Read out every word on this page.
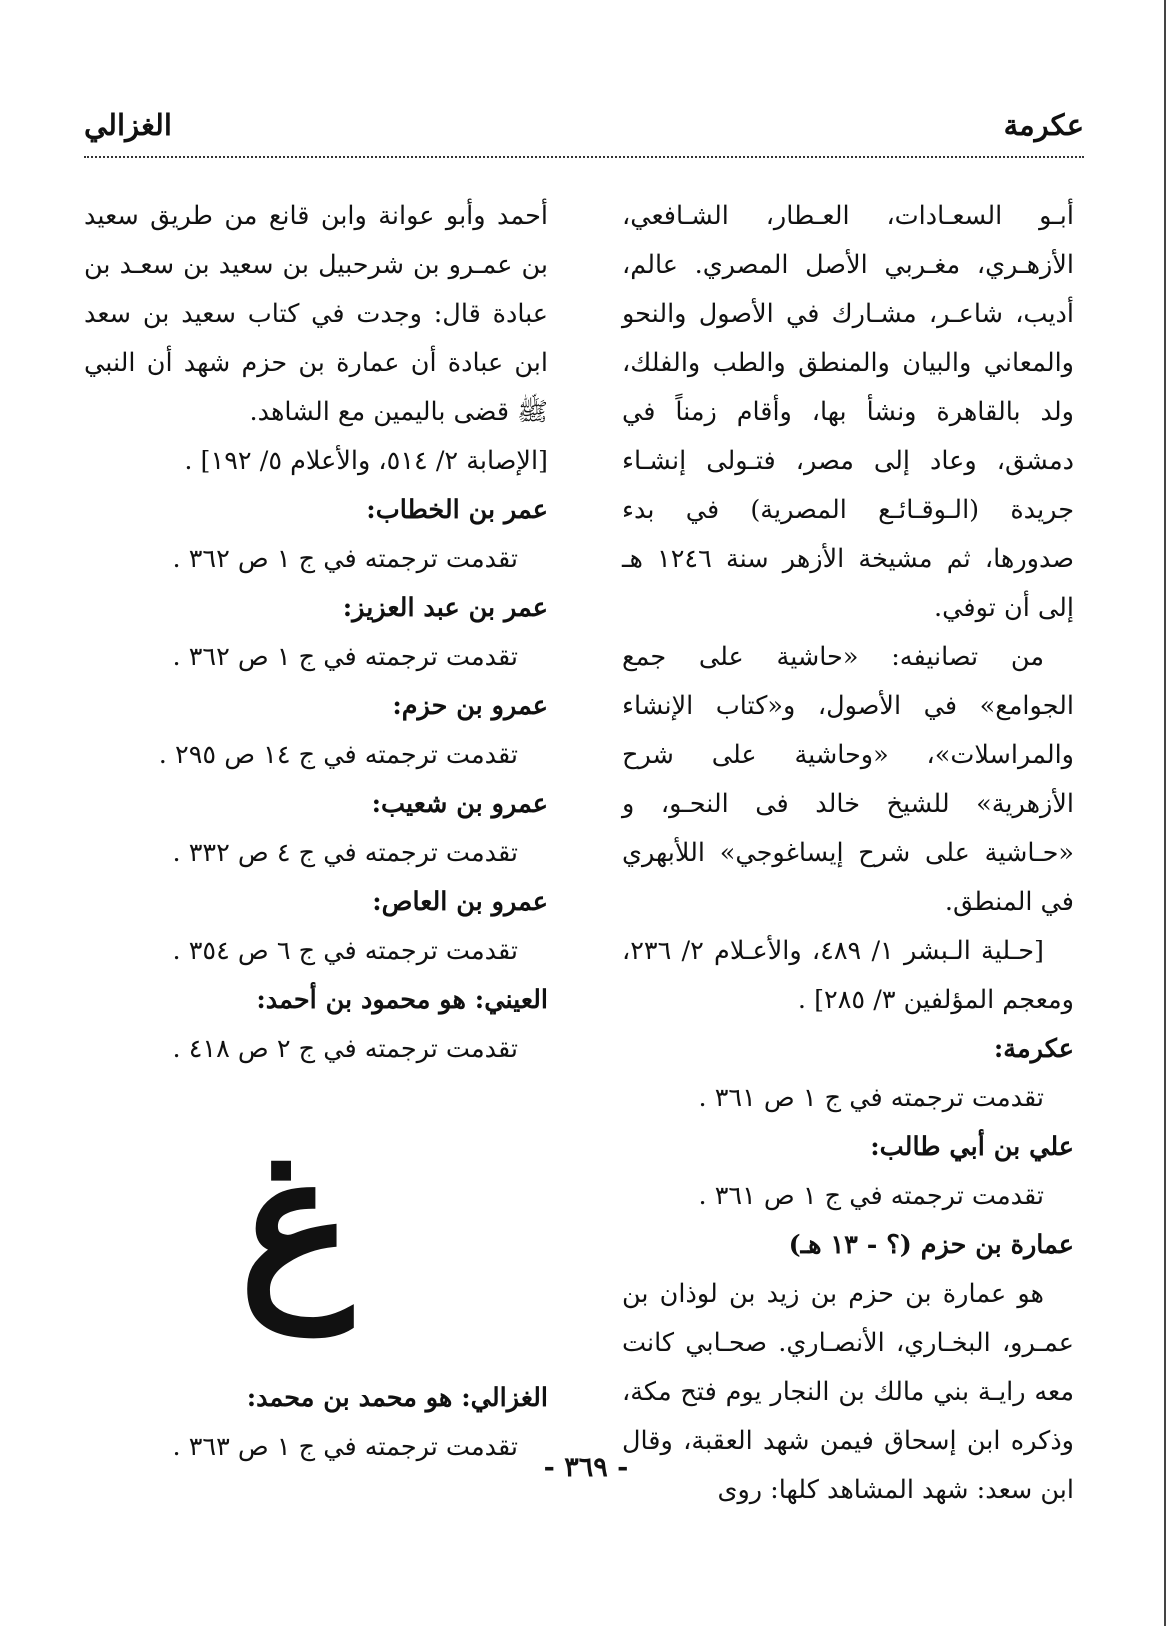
عكرمة
الغزالي

أبـو السعـادات، العـطار، الشـافعي، الأزهـري، مغـربي الأصل المصري. عالم، أديب، شاعـر، مشـارك في الأصول والنحو والمعاني والبيان والمنطق والطب والفلك، ولد بالقاهرة ونشأ بها، وأقام زمناً في دمشق، وعاد إلى مصر، فتـولى إنشـاء جريدة (الـوقـائـع المصرية) في بدء صدورها، ثم مشيخة الأزهر سنة ١٢٤٦ هـ إلى أن توفي.

من تصانيفه: «حاشية على جمع الجوامع» في الأصول، و«كتاب الإنشاء والمراسلات»، «وحاشية على شرح الأزهرية» للشيخ خالد فى النحـو، و «حـاشية على شرح إيساغوجي» اللأبهري في المنطق.

[حـلية الـبشر ١/ ٤٨٩، والأعـلام ٢/ ٢٣٦، ومعجم المؤلفين ٣/ ٢٨٥] .

عكرمة:

تقدمت ترجمته في ج ١ ص ٣٦١ .

علي بن أبي طالب:

تقدمت ترجمته في ج ١ ص ٣٦١ .

عمارة بن حزم (؟ - ١٣ هـ)

هو عمارة بن حزم بن زيد بن لوذان بن عمـرو، البخـاري، الأنصـاري. صحـابي كانت معه رايـة بني مالك بن النجار يوم فتح مكة، وذكره ابن إسحاق فيمن شهد العقبة، وقال ابن سعد: شهد المشاهد كلها: روى

أحمد وأبو عوانة وابن قانع من طريق سعيد بن عمـرو بن شرحبيل بن سعيد بن سعـد بن عبادة قال: وجدت في كتاب سعيد بن سعد ابن عبادة أن عمارة بن حزم شهد أن النبي ﷺ قضى باليمين مع الشاهد.

[الإصابة ٢/ ٥١٤، والأعلام ٥/ ١٩٢] .

عمر بن الخطاب:

تقدمت ترجمته في ج ١ ص ٣٦٢ .

عمر بن عبد العزيز:

تقدمت ترجمته في ج ١ ص ٣٦٢ .

عمرو بن حزم:

تقدمت ترجمته في ج ١٤ ص ٢٩٥ .

عمرو بن شعيب:

تقدمت ترجمته في ج ٤ ص ٣٣٢ .

عمرو بن العاص:

تقدمت ترجمته في ج ٦ ص ٣٥٤ .

العيني: هو محمود بن أحمد:

تقدمت ترجمته في ج ٢ ص ٤١٨ .

غ

الغزالي: هو محمد بن محمد:

تقدمت ترجمته في ج ١ ص ٣٦٣ .

- ٣٦٩ -
